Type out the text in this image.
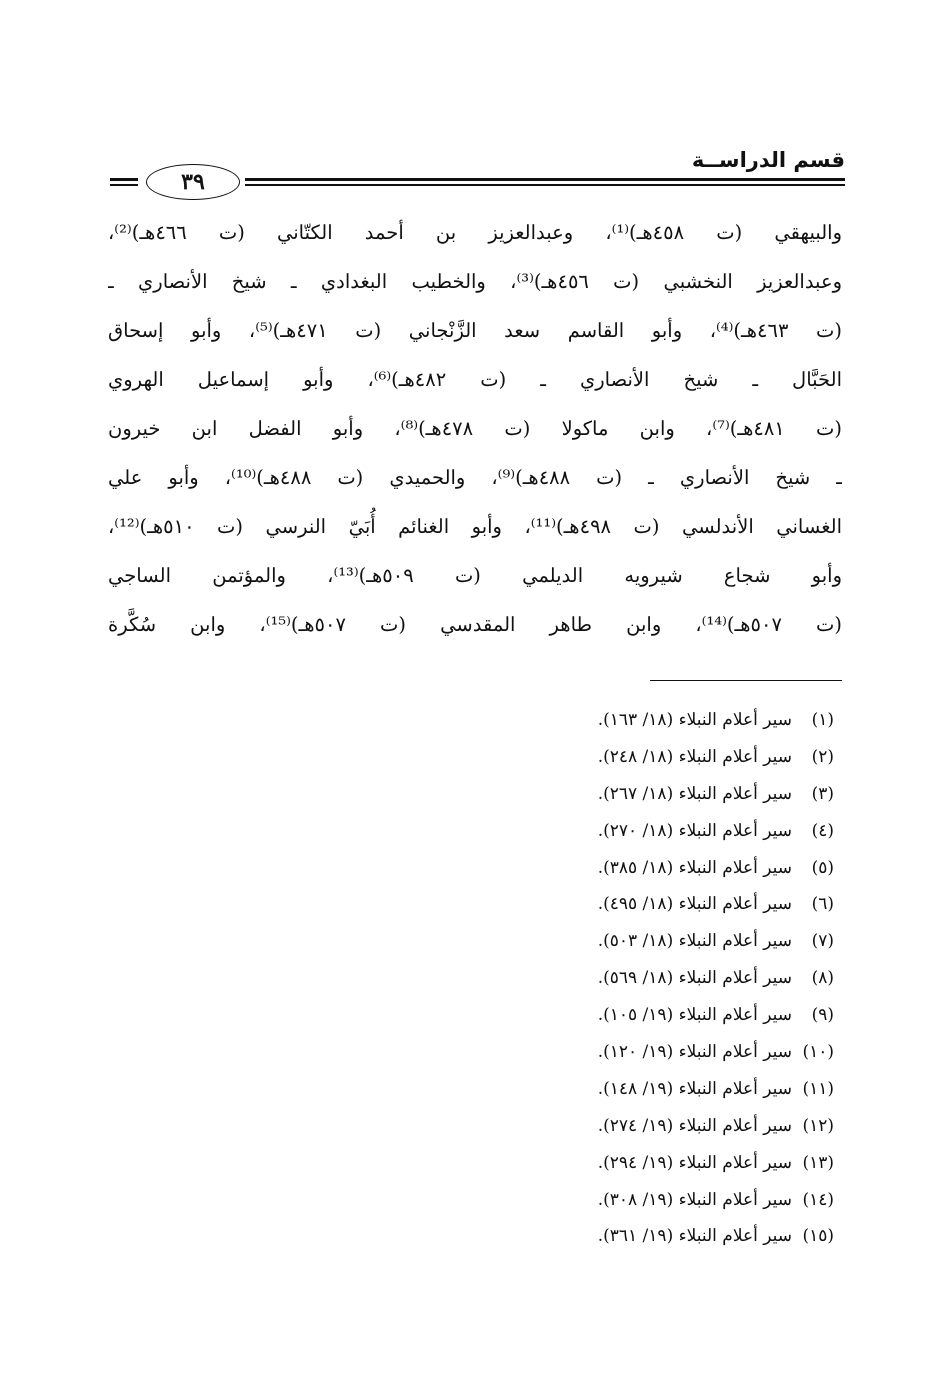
٣٩
قسم الدراســة
والبيهقي (ت ٤٥٨هـ)⁽¹⁾، وعبدالعزيز بن أحمد الكتّاني (ت ٤٦٦هـ)⁽²⁾،
وعبدالعزيز النخشبي (ت ٤٥٦هـ)⁽³⁾، والخطيب البغدادي ـ شيخ الأنصاري ـ
(ت ٤٦٣هـ)⁽⁴⁾، وأبو القاسم سعد الزَّنْجاني (ت ٤٧١هـ)⁽⁵⁾، وأبو إسحاق
الحَبَّال ـ شيخ الأنصاري ـ (ت ٤٨٢هـ)⁽⁶⁾، وأبو إسماعيل الهروي
(ت ٤٨١هـ)⁽⁷⁾، وابن ماكولا (ت ٤٧٨هـ)⁽⁸⁾، وأبو الفضل ابن خيرون
ـ شيخ الأنصاري ـ (ت ٤٨٨هـ)⁽⁹⁾، والحميدي (ت ٤٨٨هـ)⁽¹⁰⁾، وأبو علي
الغساني الأندلسي (ت ٤٩٨هـ)⁽¹¹⁾، وأبو الغنائم أُبَيّ النرسي (ت ٥١٠هـ)⁽¹²⁾،
وأبو شجاع شيرويه الديلمي (ت ٥٠٩هـ)⁽¹³⁾، والمؤتمن الساجي
(ت ٥٠٧هـ)⁽¹⁴⁾، وابن طاهر المقدسي (ت ٥٠٧هـ)⁽¹⁵⁾، وابن سُكَّرة
(١)سير أعلام النبلاء (١٨/ ١٦٣).
(٢)سير أعلام النبلاء (١٨/ ٢٤٨).
(٣)سير أعلام النبلاء (١٨/ ٢٦٧).
(٤)سير أعلام النبلاء (١٨/ ٢٧٠).
(٥)سير أعلام النبلاء (١٨/ ٣٨٥).
(٦)سير أعلام النبلاء (١٨/ ٤٩٥).
(٧)سير أعلام النبلاء (١٨/ ٥٠٣).
(٨)سير أعلام النبلاء (١٨/ ٥٦٩).
(٩)سير أعلام النبلاء (١٩/ ١٠٥).
(١٠)سير أعلام النبلاء (١٩/ ١٢٠).
(١١)سير أعلام النبلاء (١٩/ ١٤٨).
(١٢)سير أعلام النبلاء (١٩/ ٢٧٤).
(١٣)سير أعلام النبلاء (١٩/ ٢٩٤).
(١٤)سير أعلام النبلاء (١٩/ ٣٠٨).
(١٥)سير أعلام النبلاء (١٩/ ٣٦١).
